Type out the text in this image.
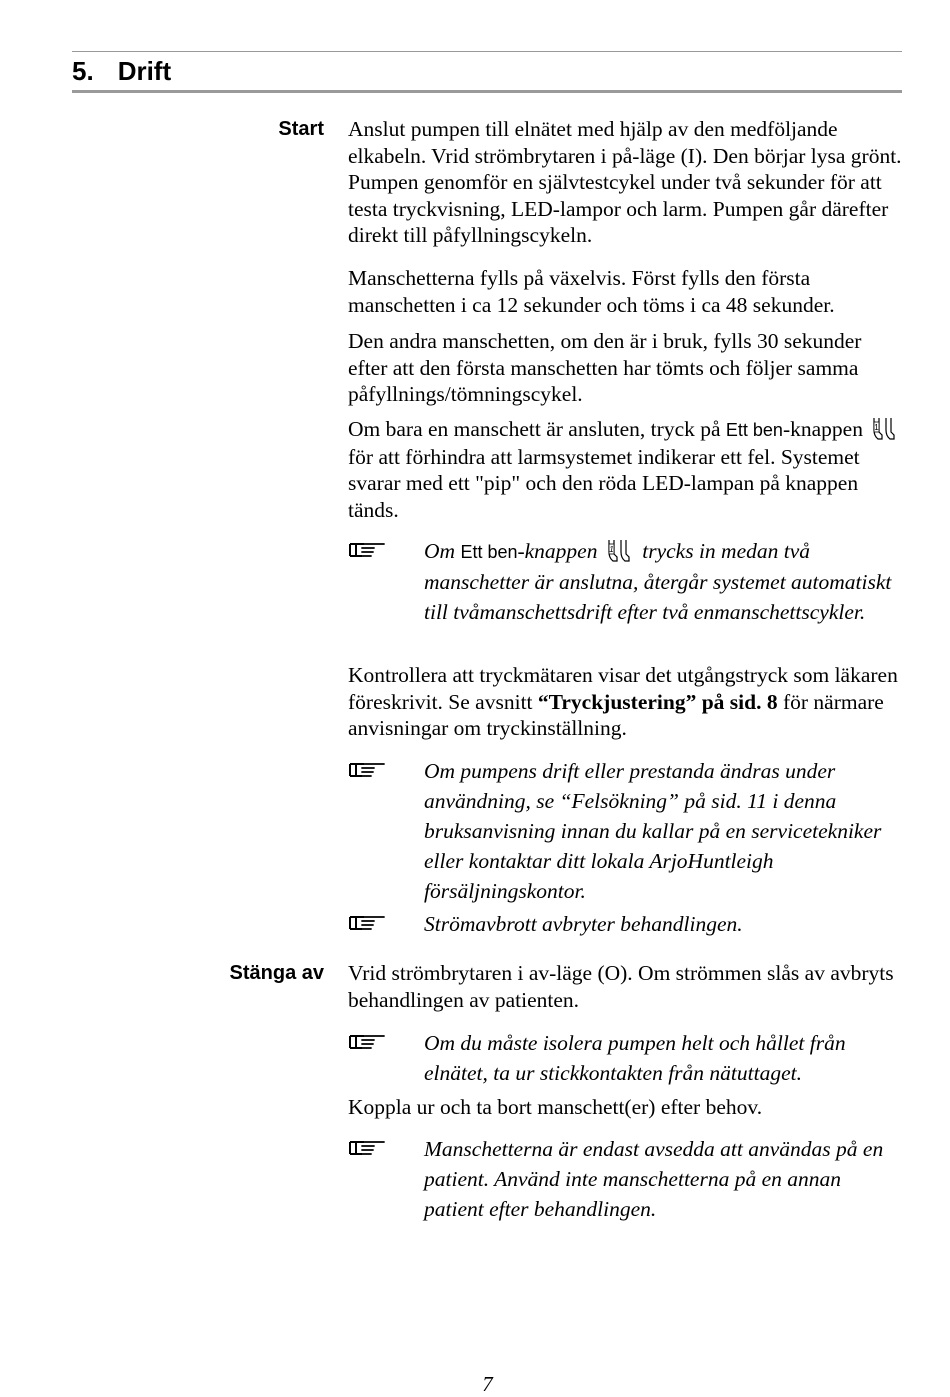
5. Drift
Start Anslut pumpen till elnätet med hjälp av den medföljande elkabeln. Vrid strömbrytaren i på-läge (I). Den börjar lysa grönt. Pumpen genomför en självtestcykel under två sekunder för att testa tryckvisning, LED-lampor och larm. Pumpen går därefter direkt till påfyllningscykeln.

Manschetterna fylls på växelvis. Först fylls den första manschetten i ca 12 sekunder och töms i ca 48 sekunder.

Den andra manschetten, om den är i bruk, fylls 30 sekunder efter att den första manschetten har tömts och följer samma påfyllnings/tömningscykel.

Om bara en manschett är ansluten, tryck på Ett ben-knappen  för att förhindra att larmsystemet indikerar ett fel. Systemet svarar med ett "pip" och den röda LED-lampan på knappen tänds.

Om Ett ben-knappen  trycks in medan två manschetter är anslutna, återgår systemet automatiskt till tvåmanschettsdrift efter två enmanschettscykler.

Kontrollera att tryckmätaren visar det utgångstryck som läkaren föreskrivit. Se avsnitt “Tryckjustering” på sid. 8 för närmare anvisningar om tryckinställning.

Om pumpens drift eller prestanda ändras under användning, se “Felsökning” på sid. 11 i denna bruksanvisning innan du kallar på en servicetekniker eller kontaktar ditt lokala ArjoHuntleigh försäljningskontor.
Strömavbrott avbryter behandlingen.
Stänga av Vrid strömbrytaren i av-läge (O). Om strömmen slås av avbryts behandlingen av patienten.

Om du måste isolera pumpen helt och hållet från elnätet, ta ur stickkontakten från nätuttaget.

Koppla ur och ta bort manschett(er) efter behov.

Manschetterna är endast avsedda att användas på en patient. Använd inte manschetterna på en annan patient efter behandlingen.
7
